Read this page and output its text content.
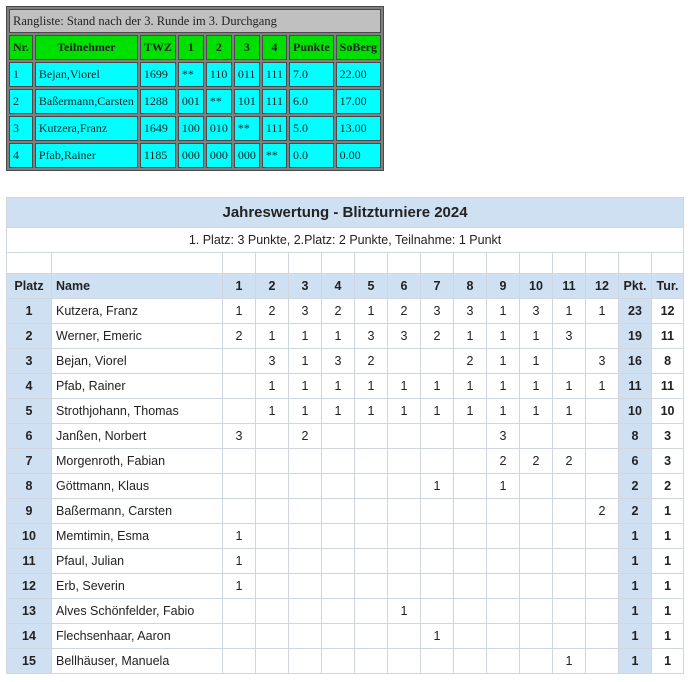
Rangliste: Stand nach der 3. Runde im 3. Durchgang								
Nr.	Teilnehmer	TWZ	1	2	3	4	Punkte	SoBerg
1	Bejan,Viorel	1699	**	110	011	111	7.0	22.00
2	Baßermann,Carsten	1288	001	**	101	111	6.0	17.00
3	Kutzera,Franz	1649	100	010	**	111	5.0	13.00
4	Pfab,Rainer	1185	000	000	000	**	0.0	0.00
Jahreswertung - Blitzturniere 2024															
1. Platz: 3 Punkte, 2.Platz: 2 Punkte, Teilnahme: 1 Punkt															

Platz	Name	1	2	3	4	5	6	7	8	9	10	11	12	Pkt.	Tur.
1	Kutzera, Franz	1	2	3	2	1	2	3	3	1	3	1	1	23	12
2	Werner, Emeric	2	1	1	1	3	3	2	1	1	1	3		19	11
3	Bejan, Viorel		3	1	3	2			2	1	1		3	16	8
4	Pfab, Rainer		1	1	1	1	1	1	1	1	1	1	1	11	11
5	Strothjohann, Thomas		1	1	1	1	1	1	1	1	1	1		10	10
6	Janßen, Norbert	3		2						3				8	3
7	Morgenroth, Fabian									2	2	2		6	3
8	Göttmann, Klaus							1		1				2	2
9	Baßermann, Carsten												2	2	1
10	Memtimin, Esma	1												1	1
11	Pfaul, Julian	1												1	1
12	Erb, Severin	1												1	1
13	Alves Schönfelder, Fabio						1							1	1
14	Flechsenhaar, Aaron							1						1	1
15	Bellhäuser, Manuela											1		1	1
